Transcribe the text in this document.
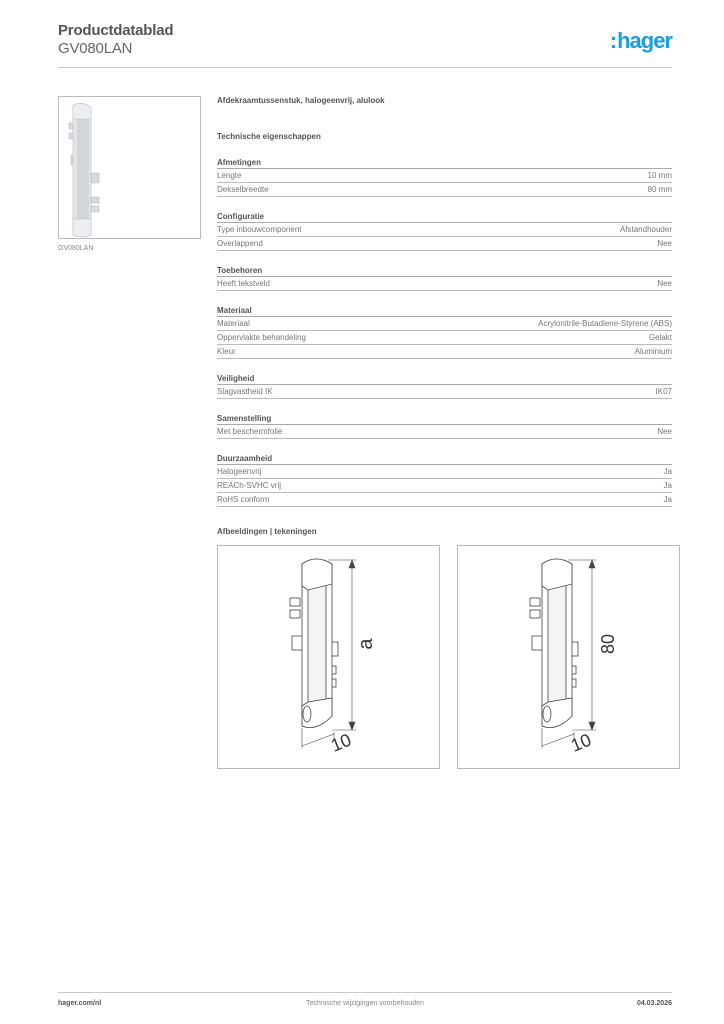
Productdatablad
GV080LAN	:hager
GV080LAN
Afdekraamtussenstuk, halogeenvrij, alulook
Technische eigenschappen
Afmetingen
Lengte	10 mm
Dekselbreedte	80 mm
Configuratie
Type inbouwcomponent	Afstandhouder
Overlappend	Nee
Toebehoren
Heeft tekstveld	Nee
Materiaal
Materiaal	Acrylonitrile-Butadiene-Styrene (ABS)
Oppervlakte behandeling	Gelakt
Kleur	Aluminium
Veiligheid
Slagvastheid IK	IK07
Samenstelling
Met beschermfolie	Nee
Duurzaamheid
Halogeenvrij	Ja
REACh-SVHC vrij	Ja
RoHS conform	Ja
Afbeeldingen | tekeningen
a
10
80
10
hager.com/nl	Technische wijzigingen voorbehouden	04.03.2026
